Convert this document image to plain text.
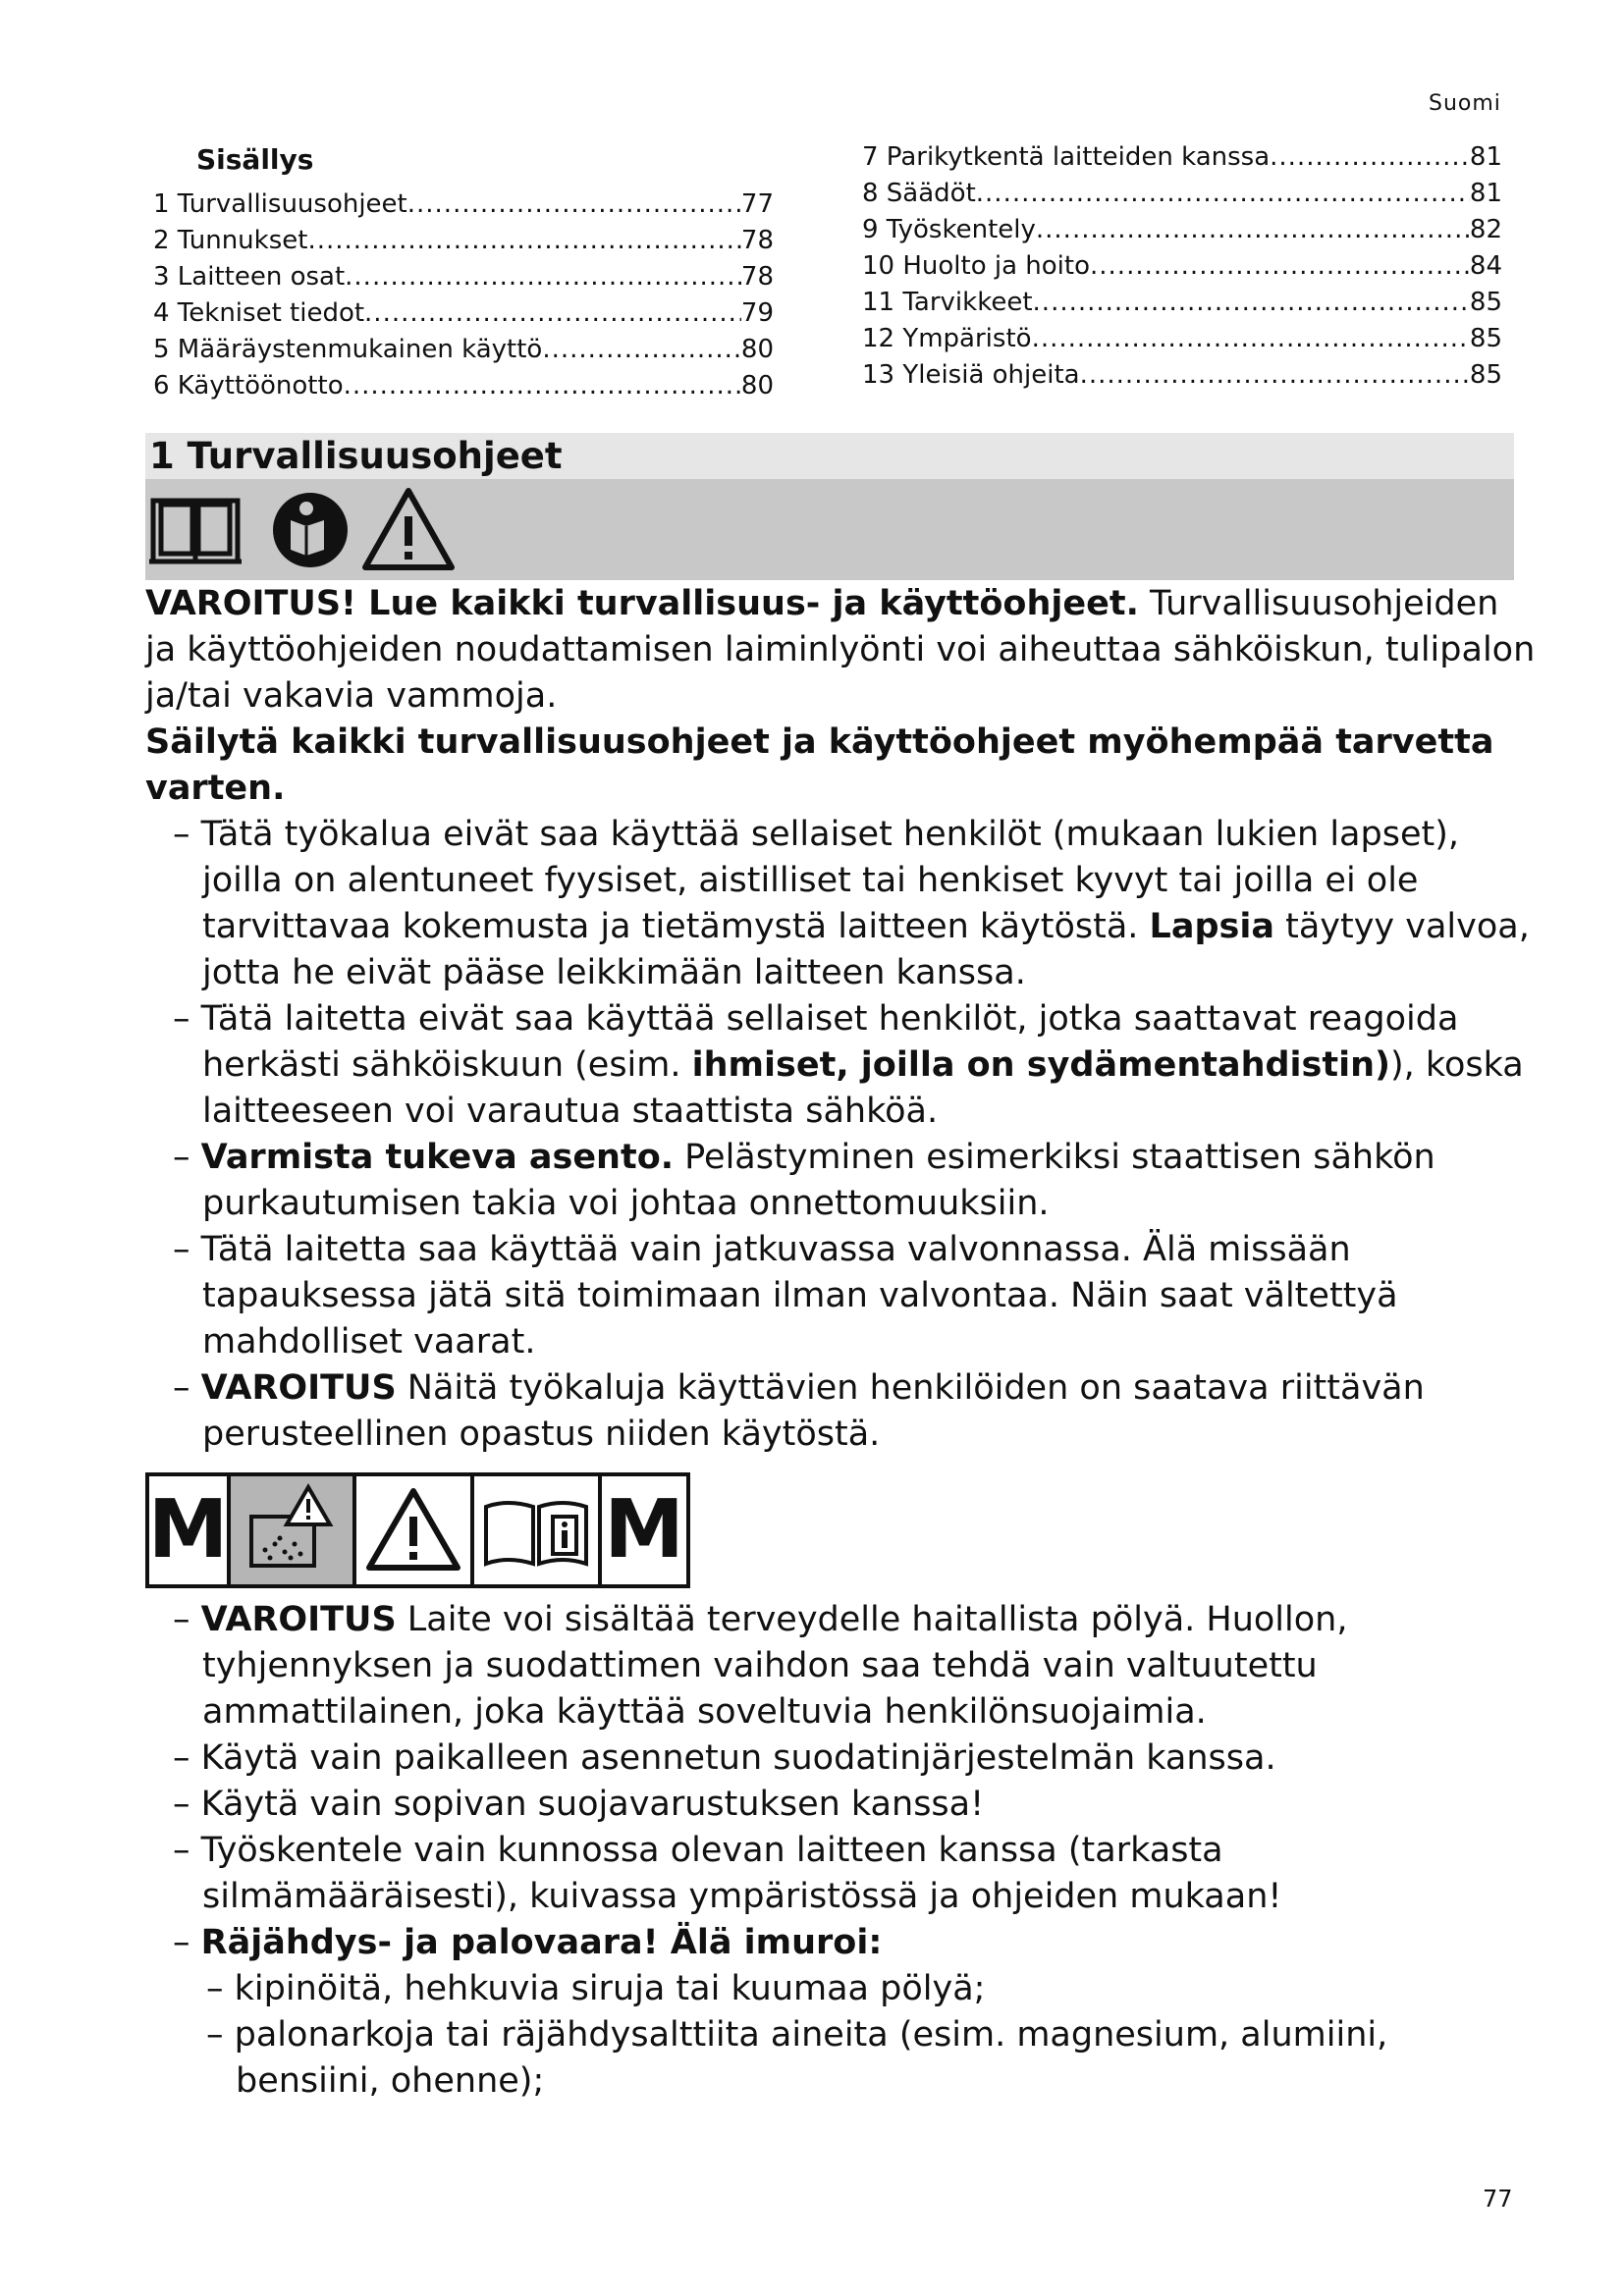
Suomi
Sisällys
1 Turvallisuusohjeet .....	77
2 Tunnukset .....	78
3 Laitteen osat .....	78
4 Tekniset tiedot .....	79
5 Määräystenmukainen käyttö .....	80
6 Käyttöönotto .....	80
7 Parikytkentä laitteiden kanssa .....	81
8 Säädöt .....	81
9 Työskentely .....	82
10 Huolto ja hoito .....	84
11 Tarvikkeet .....	85
12 Ympäristö .....	85
13 Yleisiä ohjeita .....	85
1 Turvallisuusohjeet

VAROITUS! Lue kaikki turvallisuus- ja käyttöohjeet. Turvallisuusohjeiden ja käyttöohjeiden noudattamisen laiminlyönti voi aiheuttaa sähköiskun, tulipalon ja/tai vakavia vammoja.

Säilytä kaikki turvallisuusohjeet ja käyttöohjeet myöhempää tarvetta varten.

– Tätä työkalua eivät saa käyttää sellaiset henkilöt (mukaan lukien lapset), joilla on alentuneet fyysiset, aistilliset tai henkiset kyvyt tai joilla ei ole tarvittavaa kokemusta ja tietämystä laitteen käytöstä. Lapsia täytyy valvoa, jotta he eivät pääse leikkimään laitteen kanssa.

– Tätä laitetta eivät saa käyttää sellaiset henkilöt, jotka saattavat reagoida herkästi sähköiskuun (esim. ihmiset, joilla on sydämentahdistin)), koska laitteeseen voi varautua staattista sähköä.

– Varmista tukeva asento. Pelästyminen esimerkiksi staattisen sähkön purkautumisen takia voi johtaa onnettomuuksiin.

– Tätä laitetta saa käyttää vain jatkuvassa valvonnassa. Älä missään tapauksessa jätä sitä toimimaan ilman valvontaa. Näin saat vältettyä mahdolliset vaarat.

– VAROITUS Näitä työkaluja käyttävien henkilöiden on saatava riittävän perusteellinen opastus niiden käytöstä.

M	M

– VAROITUS Laite voi sisältää terveydelle haitallista pölyä. Huollon, tyhjennyksen ja suodattimen vaihdon saa tehdä vain valtuutettu ammattilainen, joka käyttää soveltuvia henkilönsuojaimia.

– Käytä vain paikalleen asennetun suodatinjärjestelmän kanssa.

– Käytä vain sopivan suojavarustuksen kanssa!

– Työskentele vain kunnossa olevan laitteen kanssa (tarkasta silmämääräisesti), kuivassa ympäristössä ja ohjeiden mukaan!

– Räjähdys- ja palovaara! Älä imuroi:

– kipinöitä, hehkuvia siruja tai kuumaa pölyä;

– palonarkoja tai räjähdysalttiita aineita (esim. magnesium, alumiini, bensiini, ohenne);

77
